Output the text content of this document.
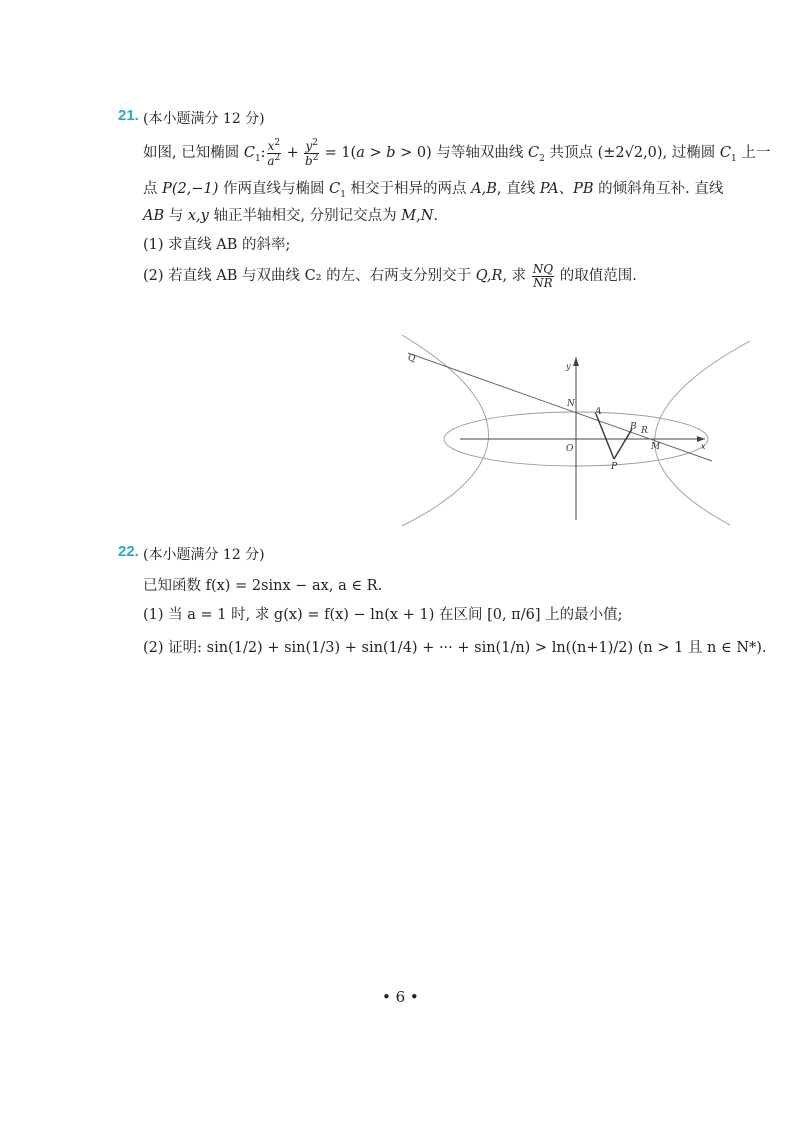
21. (本小题满分 12 分)
如图, 已知椭圆 $C_1$: $\frac{x^2}{a^2} + \frac{y^2}{b^2} = 1(a > b > 0)$ 与等轴双曲线 $C_2$ 共顶点 (±2√2,0), 过椭圆 $C_1$ 上一
点 P(2,−1) 作两直线与椭圆 $C_1$ 相交于相异的两点 A,B, 直线 PA、PB 的倾斜角互补. 直线
AB 与 x,y 轴正半轴相交, 分别记交点为 M,N.
(1) 求直线 AB 的斜率;
(2) 若直线 AB 与双曲线 C₂ 的左、右两支分别交于 Q,R, 求 $\frac{NQ}{NR}$ 的取值范围.
Q
N
A
B R
O	M
P
x
y
22. (本小题满分 12 分)
已知函数 f(x) = 2sinx − ax, a ∈ R.
(1) 当 a = 1 时, 求 g(x) = f(x) − ln(x + 1) 在区间 [0, π/6] 上的最小值;
(2) 证明: sin(1/2) + sin(1/3) + sin(1/4) + ··· + sin(1/n) > ln((n+1)/2) (n > 1 且 n ∈ N*).
• 6 •
